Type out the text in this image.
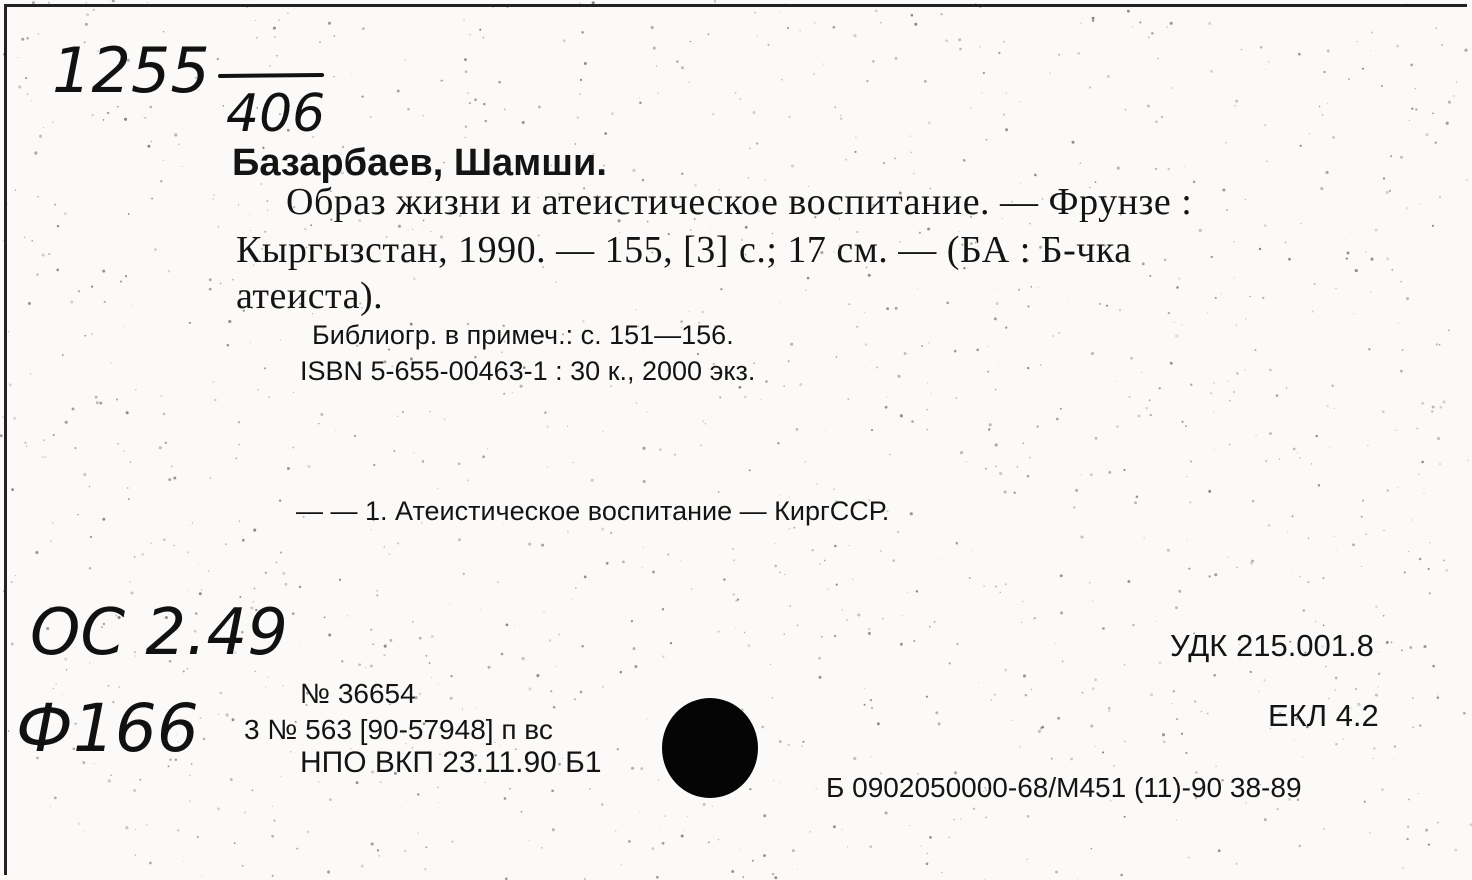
1255
406
Базарбаев, Шамши.
Образ жизни и атеистическое воспитание. — Фрунзе :
Кыргызстан, 1990. — 155, [3] с.; 17 см. — (БА : Б-чка
атеиста).
Библиогр. в примеч.: с. 151—156.
ISBN 5-655-00463-1 : 30 к., 2000 экз.
— — 1. Атеистическое воспитание — КиргССР.
ОС 2.49
Ф166	№ 36654
3 № 563 [90-57948] п вс
НПО ВКП 23.11.90 Б1
УДК 215.001.8
ЕКЛ 4.2
Б 0902050000-68/М451 (11)-90 38-89
